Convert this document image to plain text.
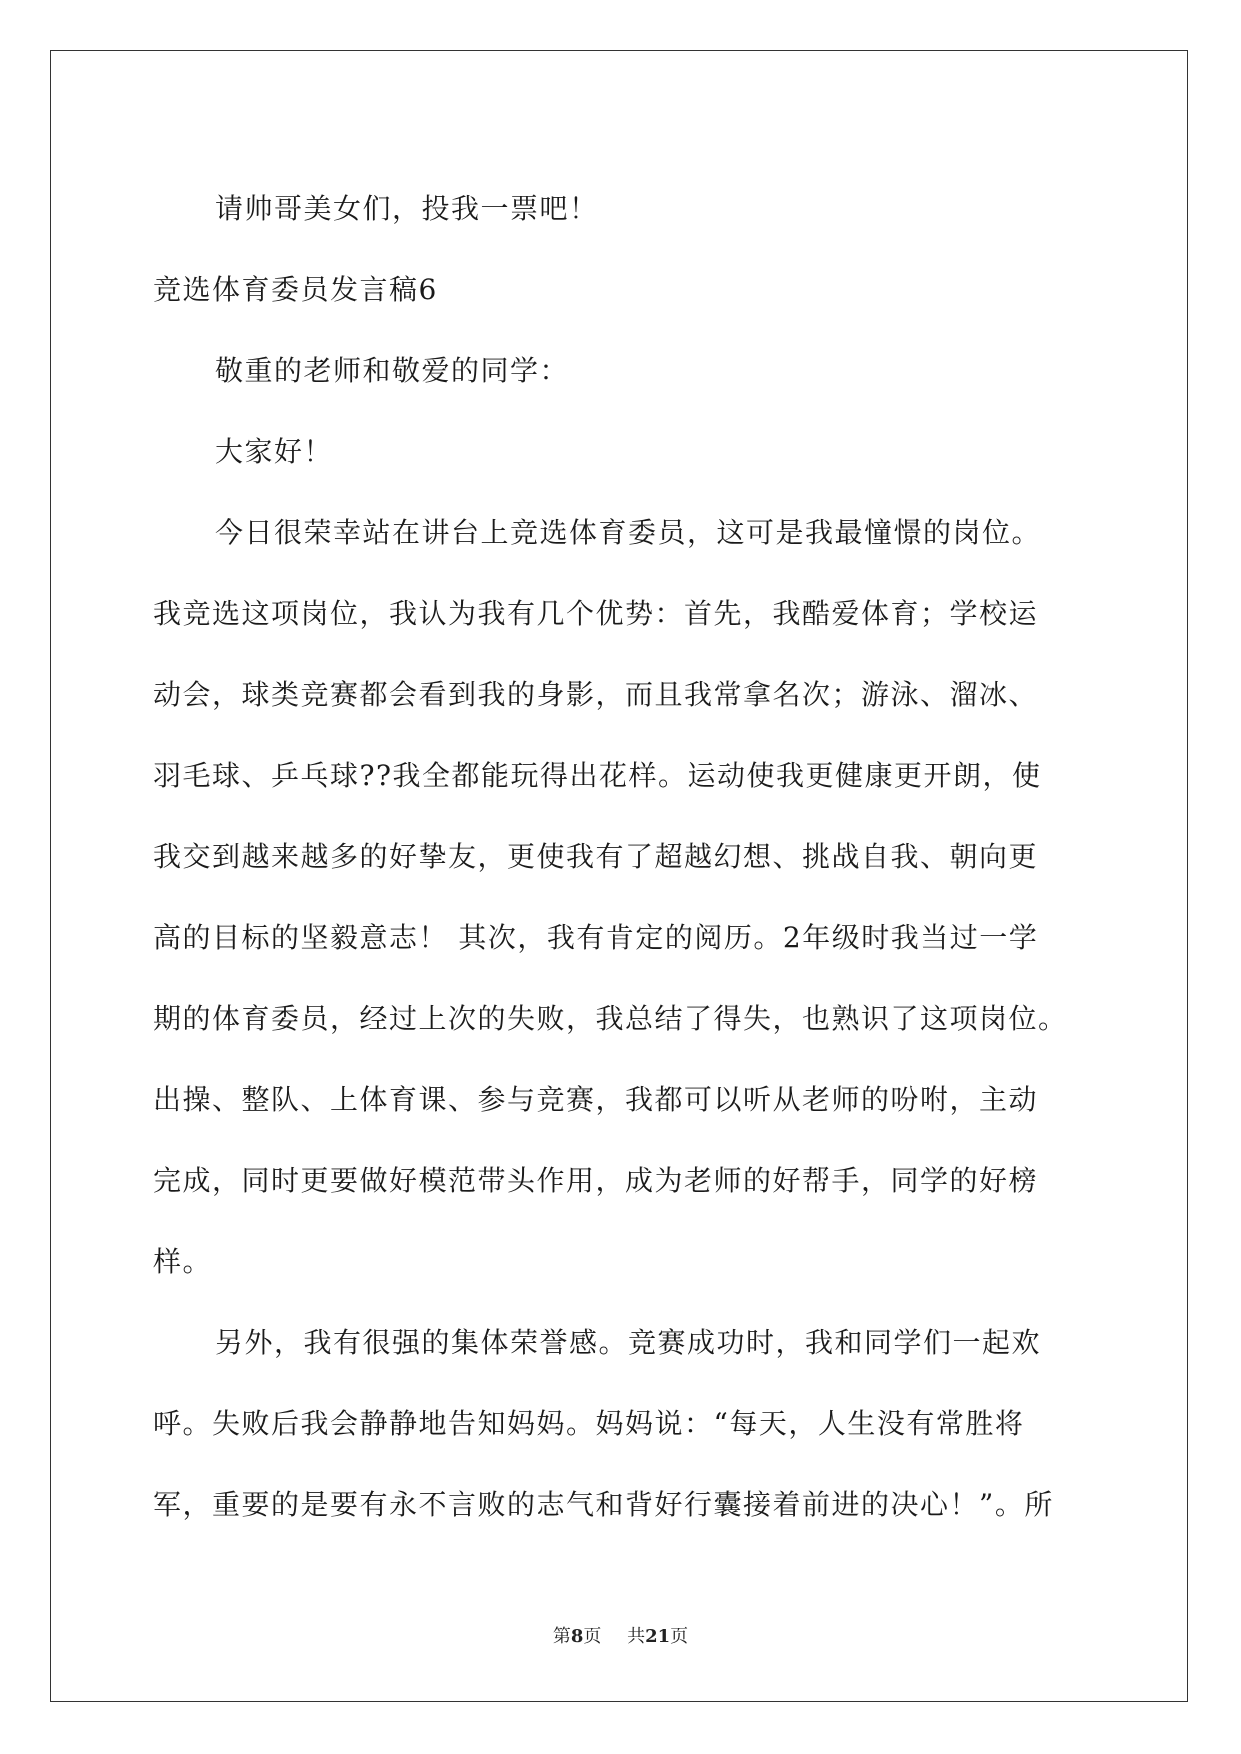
请帅哥美女们，投我一票吧！
竞选体育委员发言稿6
敬重的老师和敬爱的同学：
大家好！
今日很荣幸站在讲台上竞选体育委员，这可是我最憧憬的岗位。
我竞选这项岗位，我认为我有几个优势：首先，我酷爱体育；学校运
动会，球类竞赛都会看到我的身影，而且我常拿名次；游泳、溜冰、
羽毛球、乒乓球??我全都能玩得出花样。运动使我更健康更开朗，使
我交到越来越多的好挚友，更使我有了超越幻想、挑战自我、朝向更
高的目标的坚毅意志！ 其次，我有肯定的阅历。2年级时我当过一学
期的体育委员，经过上次的失败，我总结了得失，也熟识了这项岗位。
出操、整队、上体育课、参与竞赛，我都可以听从老师的吩咐，主动
完成，同时更要做好模范带头作用，成为老师的好帮手，同学的好榜
样。
另外，我有很强的集体荣誉感。竞赛成功时，我和同学们一起欢
呼。失败后我会静静地告知妈妈。妈妈说：“每天，人生没有常胜将
军，重要的是要有永不言败的志气和背好行囊接着前进的决心！”。所
第8页 共21页
